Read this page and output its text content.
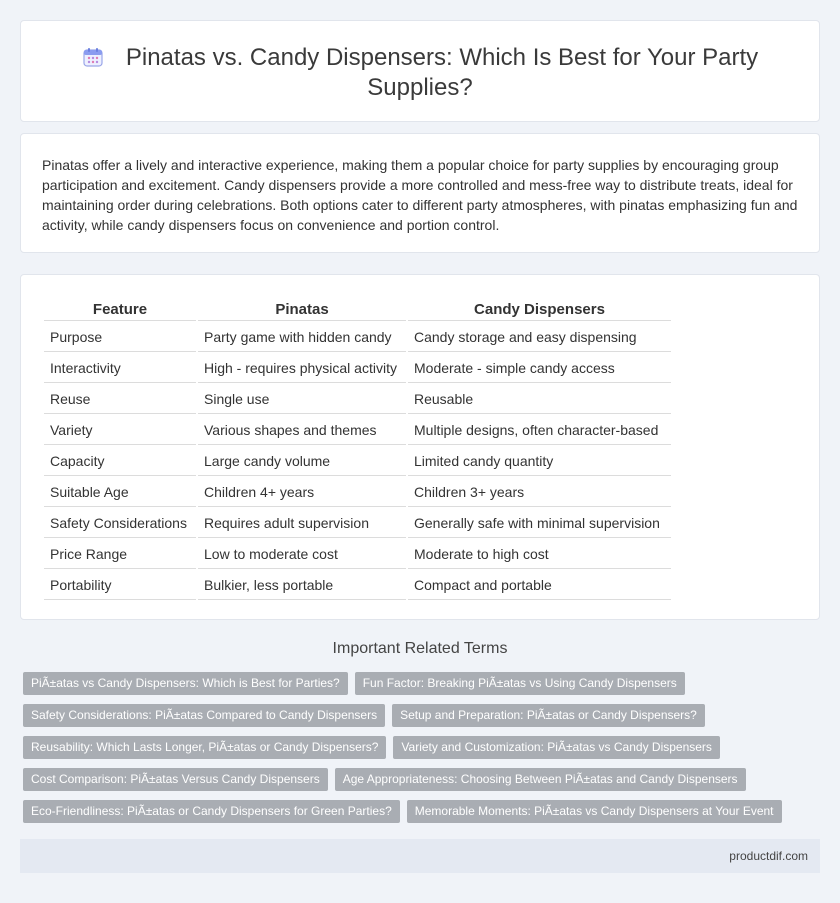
Pinatas vs. Candy Dispensers: Which Is Best for Your Party Supplies?

Pinatas offer a lively and interactive experience, making them a popular choice for party supplies by encouraging group participation and excitement. Candy dispensers provide a more controlled and mess-free way to distribute treats, ideal for maintaining order during celebrations. Both options cater to different party atmospheres, with pinatas emphasizing fun and activity, while candy dispensers focus on convenience and portion control.

Feature	Pinatas	Candy Dispensers
Purpose	Party game with hidden candy	Candy storage and easy dispensing
Interactivity	High - requires physical activity	Moderate - simple candy access
Reuse	Single use	Reusable
Variety	Various shapes and themes	Multiple designs, often character-based
Capacity	Large candy volume	Limited candy quantity
Suitable Age	Children 4+ years	Children 3+ years
Safety Considerations	Requires adult supervision	Generally safe with minimal supervision
Price Range	Low to moderate cost	Moderate to high cost
Portability	Bulkier, less portable	Compact and portable
Important Related Terms
PiÃ±atas vs Candy Dispensers: Which is Best for Parties?	Fun Factor: Breaking PiÃ±atas vs Using Candy Dispensers
Safety Considerations: PiÃ±atas Compared to Candy Dispensers	Setup and Preparation: PiÃ±atas or Candy Dispensers?
Reusability: Which Lasts Longer, PiÃ±atas or Candy Dispensers?	Variety and Customization: PiÃ±atas vs Candy Dispensers
Cost Comparison: PiÃ±atas Versus Candy Dispensers	Age Appropriateness: Choosing Between PiÃ±atas and Candy Dispensers
Eco-Friendliness: PiÃ±atas or Candy Dispensers for Green Parties?	Memorable Moments: PiÃ±atas vs Candy Dispensers at Your Event
productdif.com
